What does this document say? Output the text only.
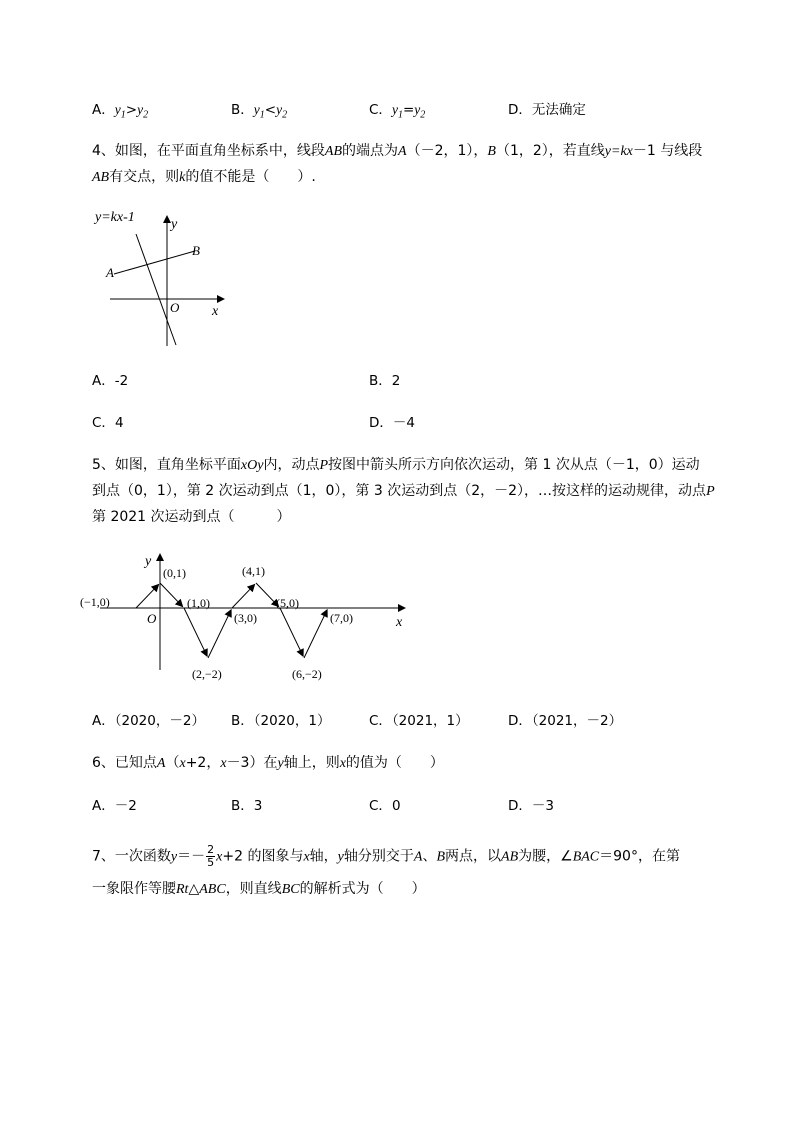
A．$y_1>y_2$	B．$y_1<y_2$	C．$y_1=y_2$	D．无法确定
4、如图，在平面直角坐标系中，线段AB的端点为A（－2，1），B（1，2），若直线y=kx－1 与线段
AB有交点，则k的值不能是（　　）.
y=kx-1	y
x
O
A
B
A．-2	B．2
C．4	D．－4
5、如图，直角坐标平面xOy内，动点P按图中箭头所示方向依次运动，第 1 次从点（－1，0）运动
到点（0，1），第 2 次运动到点（1，0），第 3 次运动到点（2，－2），…按这样的运动规律，动点P
第 2021 次运动到点（　　　）
y
x
O
(−1,0)
(0,1)
(1,0)
(2,−2)
(3,0)
(4,1)
(5,0)
(6,−2)
(7,0)
A．（2020，－2） B．（2020，1）	C．（2021，1）	D．（2021，－2）
6、已知点A（x+2，x－3）在y轴上，则x的值为（　　）
A．－2	B．3	C．0	D．－3
7、一次函数$y=- \frac{2}{5} x+2$ 的图象与x轴，y轴分别交于A、B两点，以AB为腰，∠BAC＝90°，在第
一象限作等腰Rt△ABC，则直线BC的解析式为（　　）
